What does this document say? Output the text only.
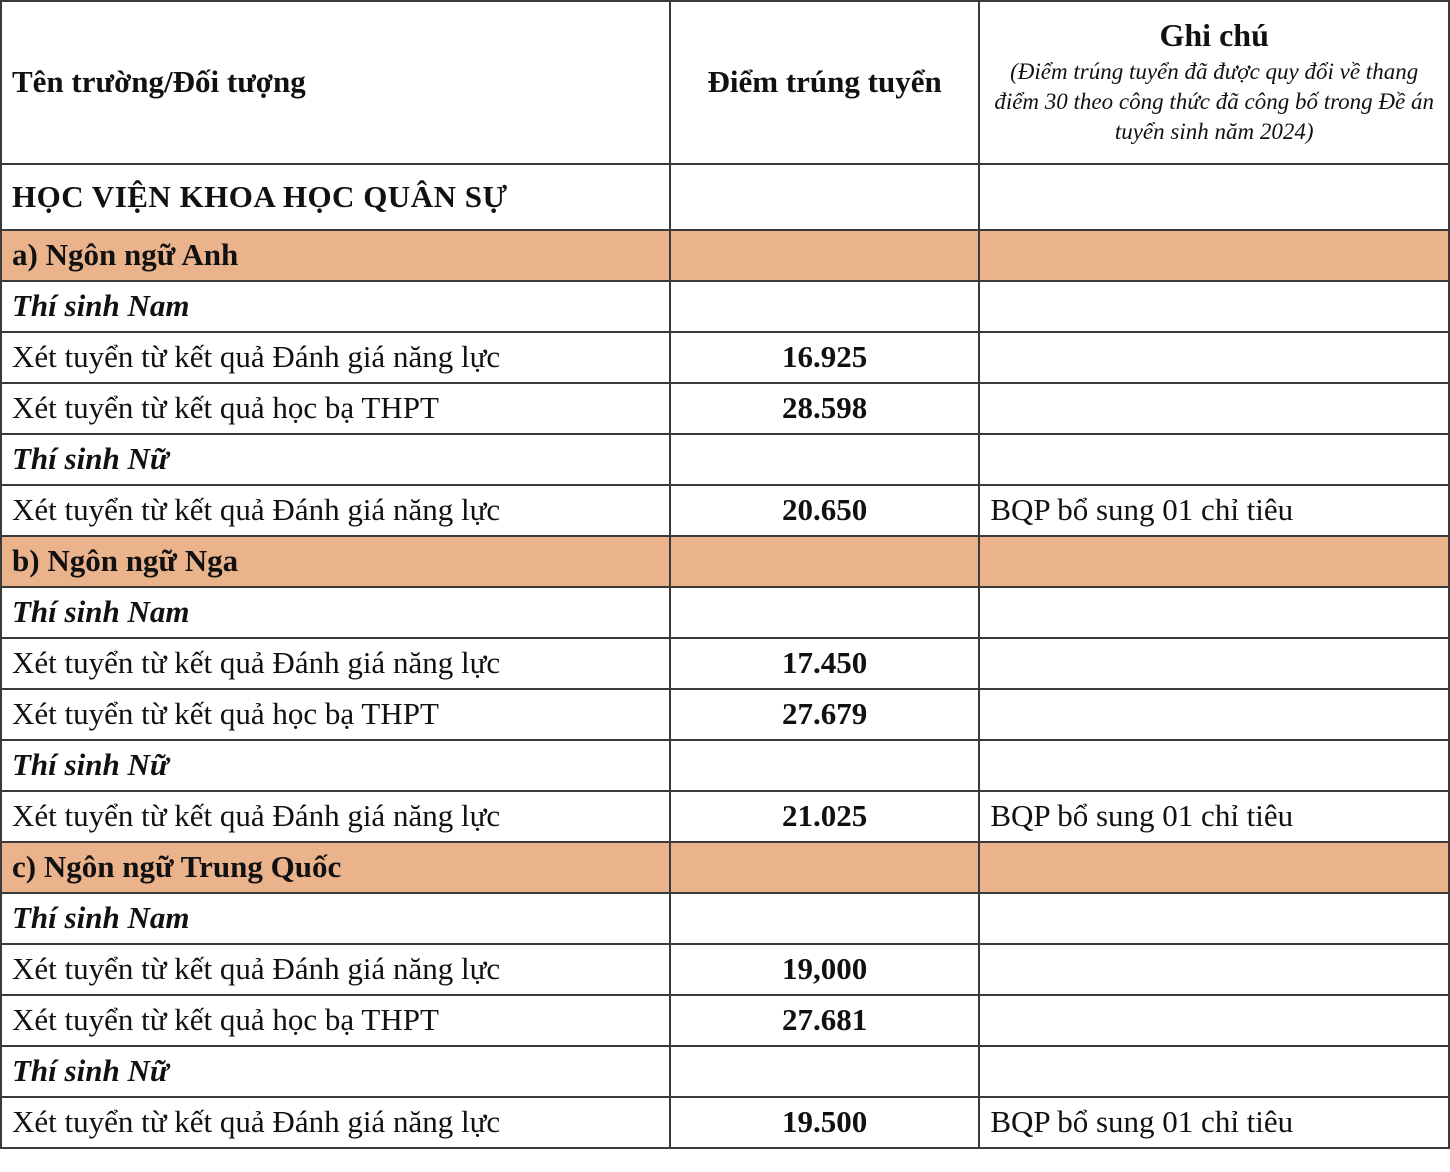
Tên trường/Đối tượng	Điểm trúng tuyển	Ghi chú
(Điểm trúng tuyển đã được quy đổi về thang điểm 30 theo công thức đã công bố trong Đề án tuyển sinh năm 2024)

HỌC VIỆN KHOA HỌC QUÂN SỰ		
a) Ngôn ngữ Anh		
Thí sinh Nam		
Xét tuyển từ kết quả Đánh giá năng lực	16.925	
Xét tuyển từ kết quả học bạ THPT	28.598	
Thí sinh Nữ		
Xét tuyển từ kết quả Đánh giá năng lực	20.650	BQP bổ sung 01 chỉ tiêu
b) Ngôn ngữ Nga		
Thí sinh Nam		
Xét tuyển từ kết quả Đánh giá năng lực	17.450	
Xét tuyển từ kết quả học bạ THPT	27.679	
Thí sinh Nữ		
Xét tuyển từ kết quả Đánh giá năng lực	21.025	BQP bổ sung 01 chỉ tiêu
c) Ngôn ngữ Trung Quốc		
Thí sinh Nam		
Xét tuyển từ kết quả Đánh giá năng lực	19,000	
Xét tuyển từ kết quả học bạ THPT	27.681	
Thí sinh Nữ		
Xét tuyển từ kết quả Đánh giá năng lực	19.500	BQP bổ sung 01 chỉ tiêu
